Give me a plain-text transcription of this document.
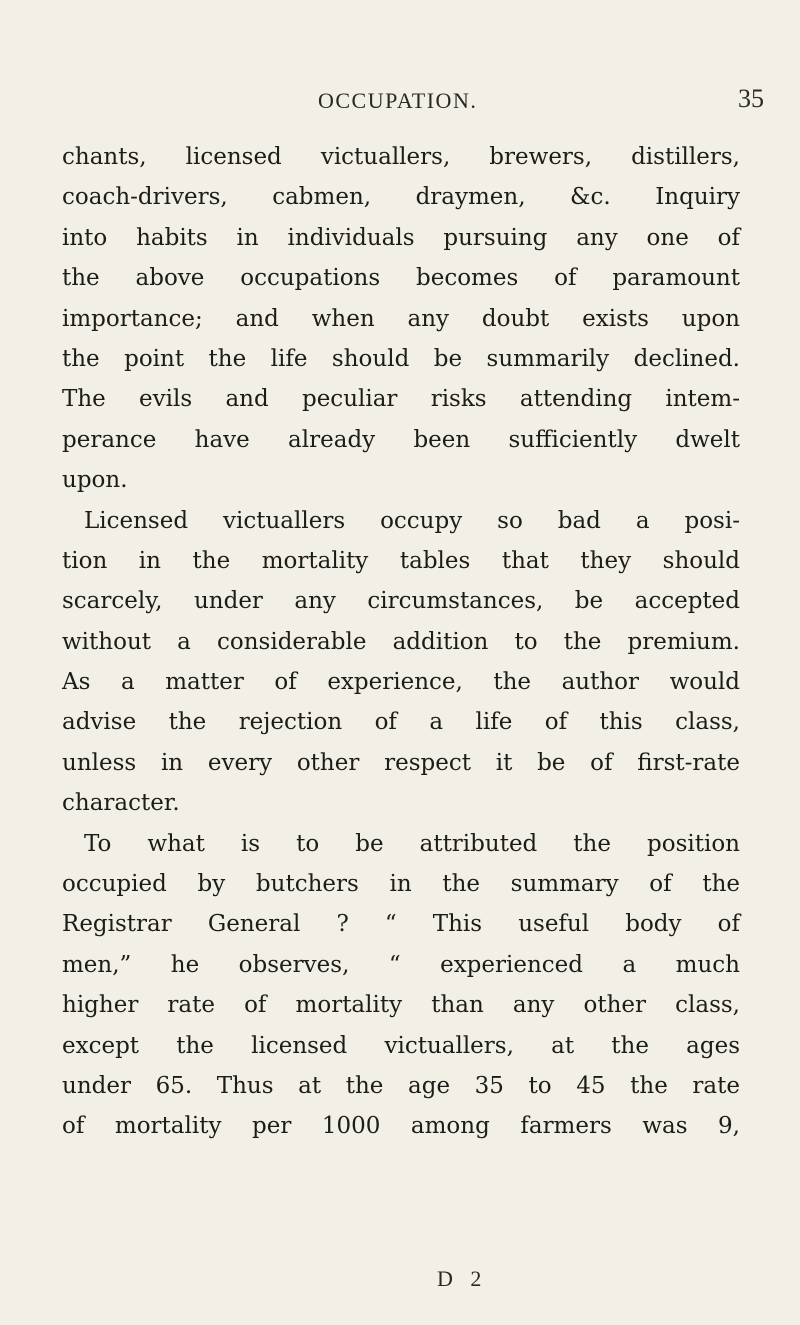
OCCUPATION.	35
chants, licensed victuallers, brewers, distillers,
coach-drivers, cabmen, draymen, &c. Inquiry
into habits in individuals pursuing any one of
the above occupations becomes of paramount
importance; and when any doubt exists upon
the point the life should be summarily declined.
The evils and peculiar risks attending intem-
perance have already been sufficiently dwelt
upon.
Licensed victuallers occupy so bad a posi-
tion in the mortality tables that they should
scarcely, under any circumstances, be accepted
without a considerable addition to the premium.
As a matter of experience, the author would
advise the rejection of a life of this class,
unless in every other respect it be of first-rate
character.
To what is to be attributed the position
occupied by butchers in the summary of the
Registrar General ? “ This useful body of
men,” he observes, “ experienced a much
higher rate of mortality than any other class,
except the licensed victuallers, at the ages
under 65. Thus at the age 35 to 45 the rate
of mortality per 1000 among farmers was 9,
D 2
